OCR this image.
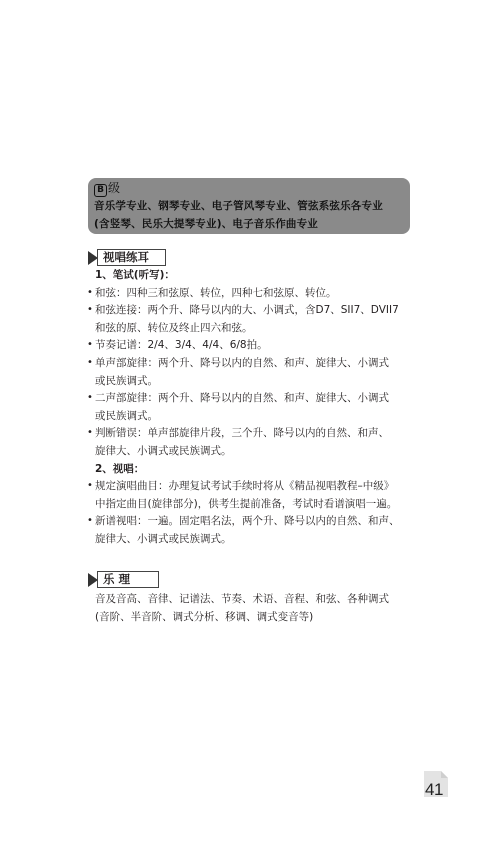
B 级
音乐学专业、钢琴专业、电子管风琴专业、管弦系弦乐各专业
(含竖琴、民乐大提琴专业)、电子音乐作曲专业
视唱练耳
1、笔试(听写)：
• 和弦：四种三和弦原、转位，四种七和弦原、转位。
• 和弦连接：两个升、降号以内的大、小调式，含D7、SII7、DVII7
和弦的原、转位及终止四六和弦。
• 节奏记谱：2/4、3/4、4/4、6/8拍。
• 单声部旋律：两个升、降号以内的自然、和声、旋律大、小调式
或民族调式。
• 二声部旋律：两个升、降号以内的自然、和声、旋律大、小调式
或民族调式。
• 判断错误：单声部旋律片段，三个升、降号以内的自然、和声、
旋律大、小调式或民族调式。
2、视唱：
• 规定演唱曲目：办理复试考试手续时将从《精品视唱教程–中级》
中指定曲目(旋律部分)，供考生提前准备，考试时看谱演唱一遍。
• 新谱视唱：一遍。固定唱名法，两个升、降号以内的自然、和声、
旋律大、小调式或民族调式。
乐 理
音及音高、音律、记谱法、节奏、术语、音程、和弦、各种调式
(音阶、半音阶、调式分析、移调、调式变音等)
41
